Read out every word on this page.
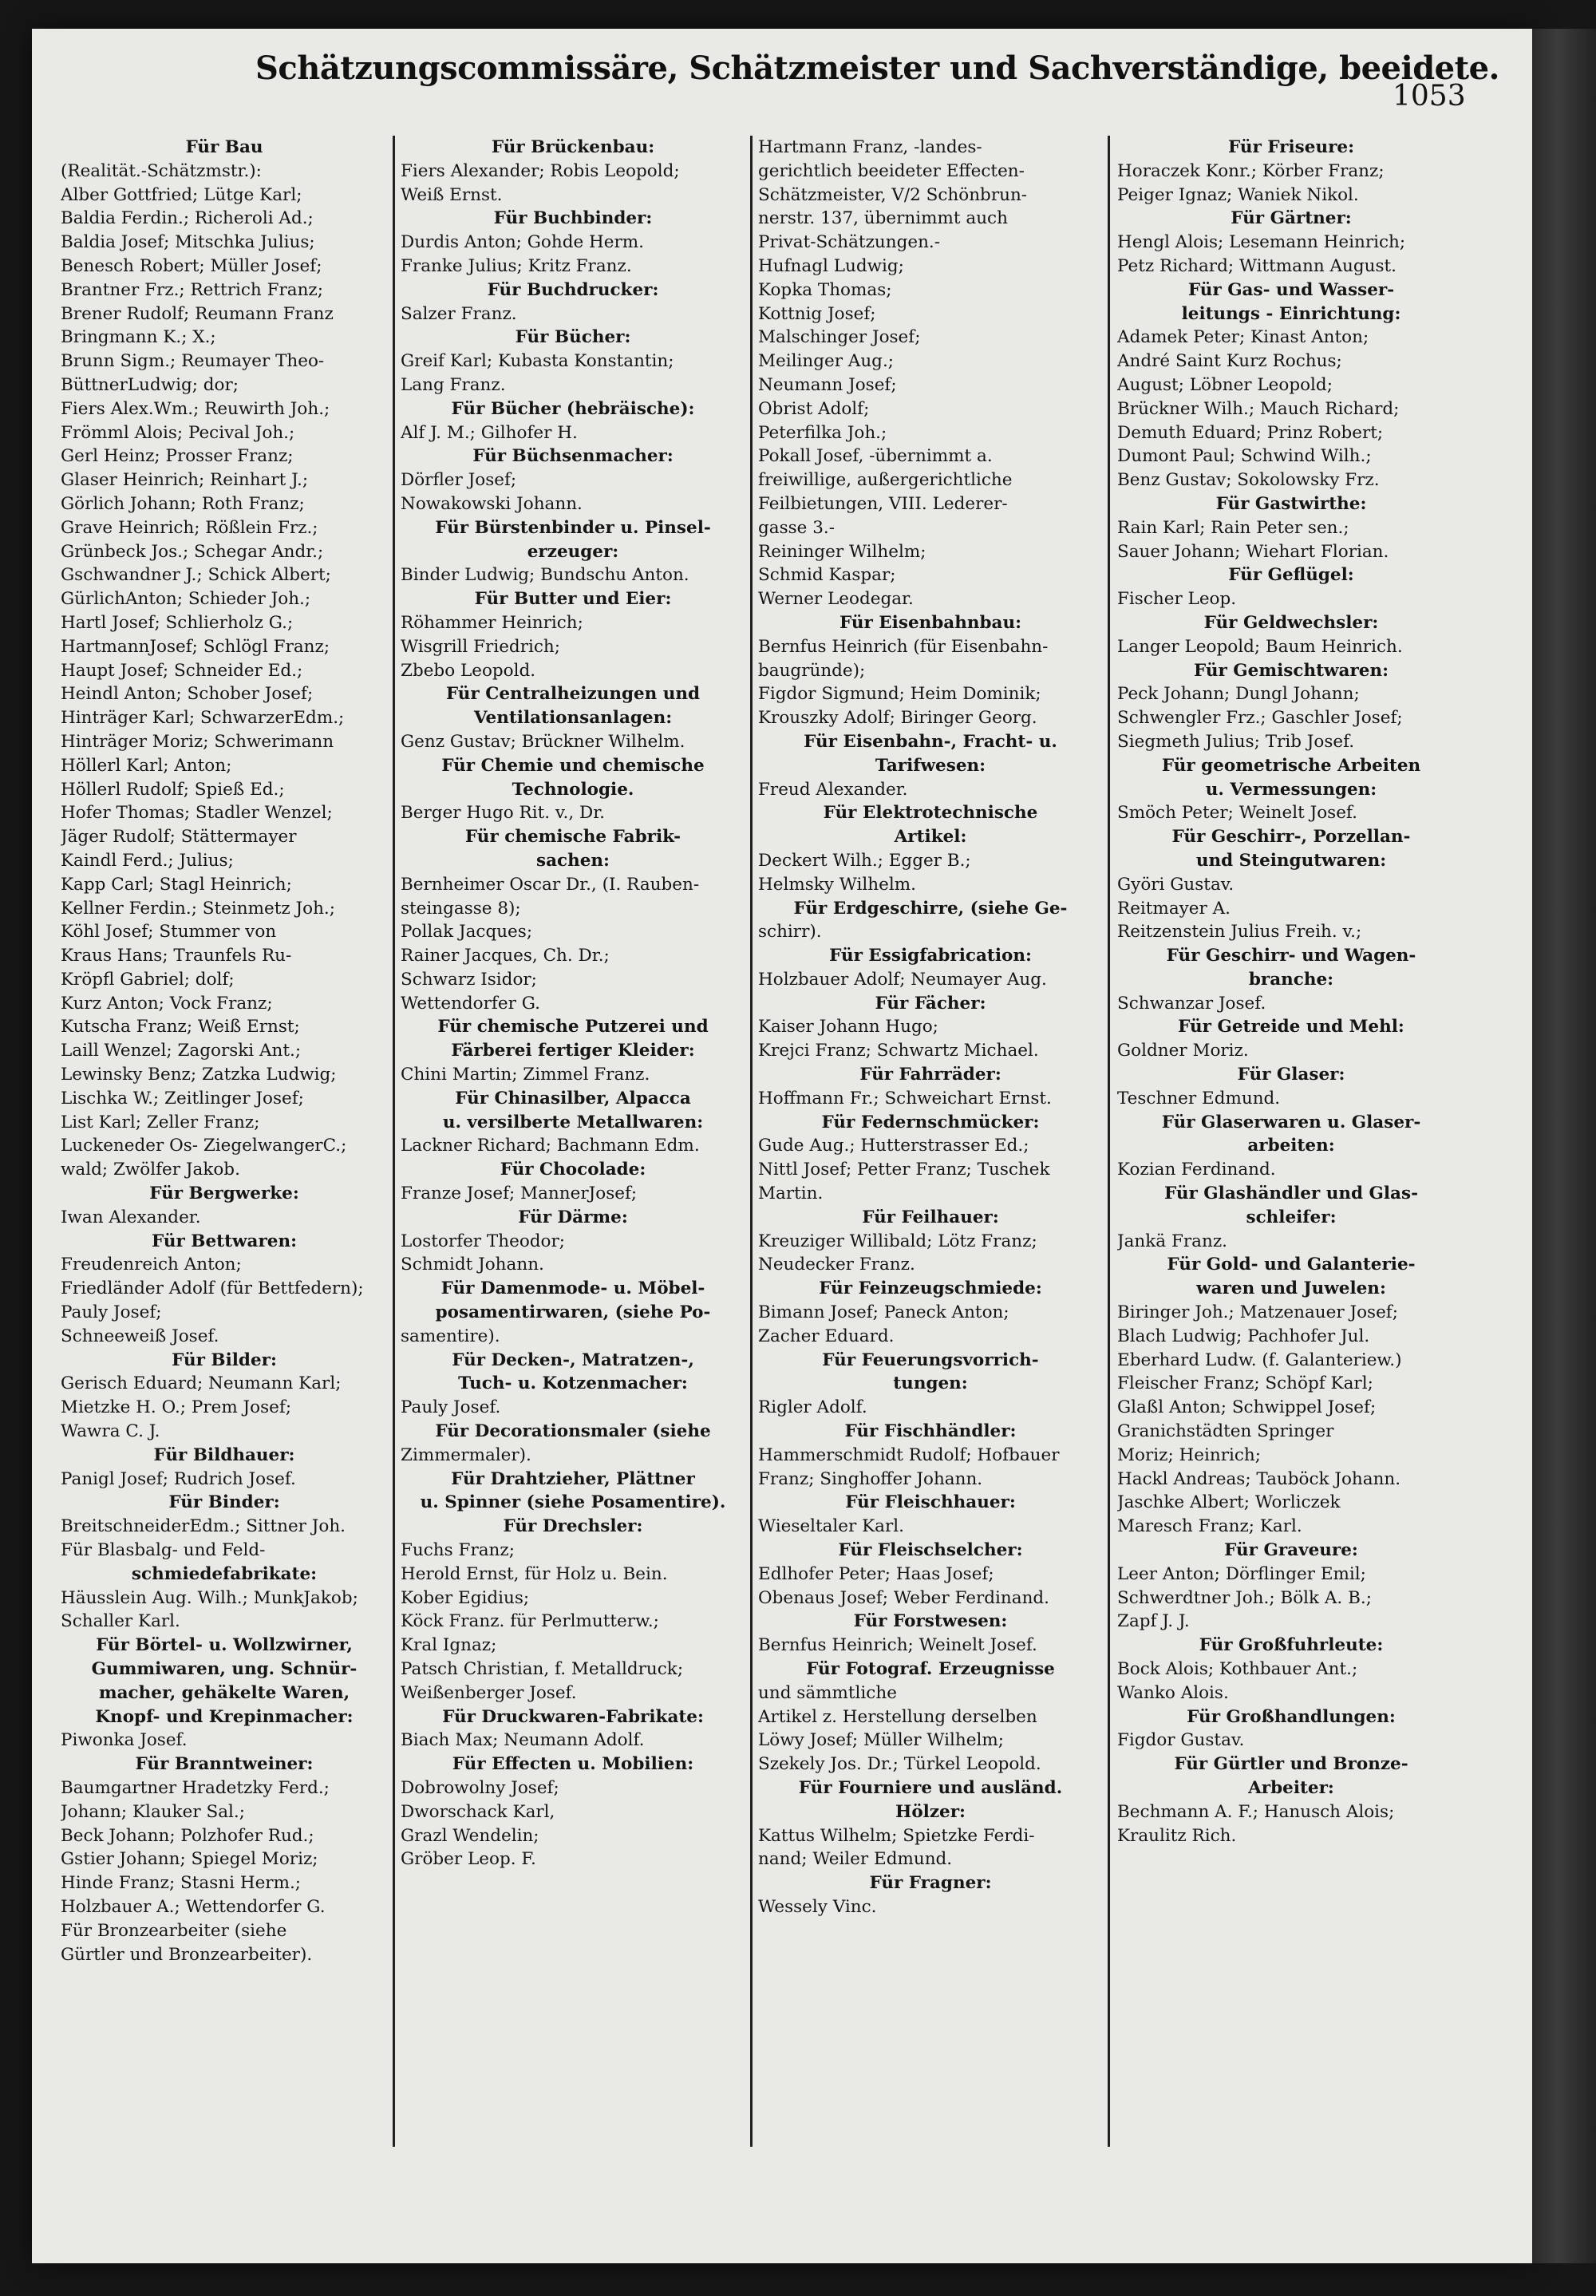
Schätzungscommissäre, Schätzmeister und Sachverständige, beeidete.
1053
Für Bau
(Realität.-Schätzmstr.):
Alber Gottfried; Lütge Karl;
Baldia Ferdin.; Richeroli Ad.;
Baldia Josef; Mitschka Julius;
Benesch Robert; Müller Josef;
Brantner Frz.; Rettrich Franz;
Brener Rudolf; Reumann Franz
Bringmann K.; X.;
Brunn Sigm.; Reumayer Theo-
BüttnerLudwig; dor;
Fiers Alex.Wm.; Reuwirth Joh.;
Frömml Alois; Pecival Joh.;
Gerl Heinz; Prosser Franz;
Glaser Heinrich; Reinhart J.;
Görlich Johann; Roth Franz;
Grave Heinrich; Rößlein Frz.;
Grünbeck Jos.; Schegar Andr.;
Gschwandner J.; Schick Albert;
GürlichAnton; Schieder Joh.;
Hartl Josef; Schlierholz G.;
HartmannJosef; Schlögl Franz;
Haupt Josef; Schneider Ed.;
Heindl Anton; Schober Josef;
Hinträger Karl; SchwarzerEdm.;
Hinträger Moriz; Schwerimann
Höllerl Karl; Anton;
Höllerl Rudolf; Spieß Ed.;
Hofer Thomas; Stadler Wenzel;
Jäger Rudolf; Stättermayer
Kaindl Ferd.; Julius;
Kapp Carl; Stagl Heinrich;
Kellner Ferdin.; Steinmetz Joh.;
Köhl Josef; Stummer von
Kraus Hans; Traunfels Ru-
Kröpfl Gabriel; dolf;
Kurz Anton; Vock Franz;
Kutscha Franz; Weiß Ernst;
Laill Wenzel; Zagorski Ant.;
Lewinsky Benz; Zatzka Ludwig;
Lischka W.; Zeitlinger Josef;
List Karl; Zeller Franz;
Luckeneder Os- ZiegelwangerC.;
wald; Zwölfer Jakob.
Für Bergwerke:
Iwan Alexander.
Für Bettwaren:
Freudenreich Anton;
Friedländer Adolf (für Bettfedern);
Pauly Josef;
Schneeweiß Josef.
Für Bilder:
Gerisch Eduard; Neumann Karl;
Mietzke H. O.; Prem Josef;
Wawra C. J.
Für Bildhauer:
Panigl Josef; Rudrich Josef.
Für Binder:
BreitschneiderEdm.; Sittner Joh.
Für Blasbalg- und Feld-
schmiedefabrikate:
Häusslein Aug. Wilh.; MunkJakob;
Schaller Karl.
Für Börtel- u. Wollzwirner,
Gummiwaren, ung. Schnür-
macher, gehäkelte Waren,
Knopf- und Krepinmacher:
Piwonka Josef.
Für Branntweiner:
Baumgartner Hradetzky Ferd.;
Johann; Klauker Sal.;
Beck Johann; Polzhofer Rud.;
Gstier Johann; Spiegel Moriz;
Hinde Franz; Stasni Herm.;
Holzbauer A.; Wettendorfer G.
Für Bronzearbeiter (siehe
Gürtler und Bronzearbeiter).
Für Brückenbau:
Fiers Alexander; Robis Leopold;
Weiß Ernst.
Für Buchbinder:
Durdis Anton; Gohde Herm.
Franke Julius; Kritz Franz.
Für Buchdrucker:
Salzer Franz.
Für Bücher:
Greif Karl; Kubasta Konstantin;
Lang Franz.
Für Bücher (hebräische):
Alf J. M.; Gilhofer H.
Für Büchsenmacher:
Dörfler Josef;
Nowakowski Johann.
Für Bürstenbinder u. Pinsel-
erzeuger:
Binder Ludwig; Bundschu Anton.
Für Butter und Eier:
Röhammer Heinrich;
Wisgrill Friedrich;
Zbebo Leopold.
Für Centralheizungen und
Ventilationsanlagen:
Genz Gustav; Brückner Wilhelm.
Für Chemie und chemische
Technologie.
Berger Hugo Rit. v., Dr.
Für chemische Fabrik-
sachen:
Bernheimer Oscar Dr., (I. Rauben-
steingasse 8);
Pollak Jacques;
Rainer Jacques, Ch. Dr.;
Schwarz Isidor;
Wettendorfer G.
Für chemische Putzerei und
Färberei fertiger Kleider:
Chini Martin; Zimmel Franz.
Für Chinasilber, Alpacca
u. versilberte Metallwaren:
Lackner Richard; Bachmann Edm.
Für Chocolade:
Franze Josef; MannerJosef;
Für Därme:
Lostorfer Theodor;
Schmidt Johann.
Für Damenmode- u. Möbel-
posamentirwaren, (siehe Po-
samentire).
Für Decken-, Matratzen-,
Tuch- u. Kotzenmacher:
Pauly Josef.
Für Decorationsmaler (siehe
Zimmermaler).
Für Drahtzieher, Plättner
u. Spinner (siehe Posamentire).
Für Drechsler:
Fuchs Franz;
Herold Ernst, für Holz u. Bein.
Kober Egidius;
Köck Franz. für Perlmutterw.;
Kral Ignaz;
Patsch Christian, f. Metalldruck;
Weißenberger Josef.
Für Druckwaren-Fabrikate:
Biach Max; Neumann Adolf.
Für Effecten u. Mobilien:
Dobrowolny Josef;
Dworschack Karl,
Grazl Wendelin;
Gröber Leop. F.
Hartmann Franz, -landes-
gerichtlich beeideter Effecten-
Schätzmeister, V/2 Schönbrun-
nerstr. 137, übernimmt auch
Privat-Schätzungen.-
Hufnagl Ludwig;
Kopka Thomas;
Kottnig Josef;
Malschinger Josef;
Meilinger Aug.;
Neumann Josef;
Obrist Adolf;
Peterfilka Joh.;
Pokall Josef, -übernimmt a.
freiwillige, außergerichtliche
Feilbietungen, VIII. Lederer-
gasse 3.-
Reininger Wilhelm;
Schmid Kaspar;
Werner Leodegar.
Für Eisenbahnbau:
Bernfus Heinrich (für Eisenbahn-
baugründe);
Figdor Sigmund; Heim Dominik;
Krouszky Adolf; Biringer Georg.
Für Eisenbahn-, Fracht- u.
Tarifwesen:
Freud Alexander.
Für Elektrotechnische
Artikel:
Deckert Wilh.; Egger B.;
Helmsky Wilhelm.
Für Erdgeschirre, (siehe Ge-
schirr).
Für Essigfabrication:
Holzbauer Adolf; Neumayer Aug.
Für Fächer:
Kaiser Johann Hugo;
Krejci Franz; Schwartz Michael.
Für Fahrräder:
Hoffmann Fr.; Schweichart Ernst.
Für Federnschmücker:
Gude Aug.; Hutterstrasser Ed.;
Nittl Josef; Petter Franz; Tuschek
Martin.
Für Feilhauer:
Kreuziger Willibald; Lötz Franz;
Neudecker Franz.
Für Feinzeugschmiede:
Bimann Josef; Paneck Anton;
Zacher Eduard.
Für Feuerungsvorrich-
tungen:
Rigler Adolf.
Für Fischhändler:
Hammerschmidt Rudolf; Hofbauer
Franz; Singhoffer Johann.
Für Fleischhauer:
Wieseltaler Karl.
Für Fleischselcher:
Edlhofer Peter; Haas Josef;
Obenaus Josef; Weber Ferdinand.
Für Forstwesen:
Bernfus Heinrich; Weinelt Josef.
Für Fotograf. Erzeugnisse
und sämmtliche
Artikel z. Herstellung derselben
Löwy Josef; Müller Wilhelm;
Szekely Jos. Dr.; Türkel Leopold.
Für Fourniere und ausländ.
Hölzer:
Kattus Wilhelm; Spietzke Ferdi-
nand; Weiler Edmund.
Für Fragner:
Wessely Vinc.
Für Friseure:
Horaczek Konr.; Körber Franz;
Peiger Ignaz; Waniek Nikol.
Für Gärtner:
Hengl Alois; Lesemann Heinrich;
Petz Richard; Wittmann August.
Für Gas- und Wasser-
leitungs - Einrichtung:
Adamek Peter; Kinast Anton;
André Saint Kurz Rochus;
August; Löbner Leopold;
Brückner Wilh.; Mauch Richard;
Demuth Eduard; Prinz Robert;
Dumont Paul; Schwind Wilh.;
Benz Gustav; Sokolowsky Frz.
Für Gastwirthe:
Rain Karl; Rain Peter sen.;
Sauer Johann; Wiehart Florian.
Für Geflügel:
Fischer Leop.
Für Geldwechsler:
Langer Leopold; Baum Heinrich.
Für Gemischtwaren:
Peck Johann; Dungl Johann;
Schwengler Frz.; Gaschler Josef;
Siegmeth Julius; Trib Josef.
Für geometrische Arbeiten
u. Vermessungen:
Smöch Peter; Weinelt Josef.
Für Geschirr-, Porzellan-
und Steingutwaren:
Györi Gustav.
Reitmayer A.
Reitzenstein Julius Freih. v.;
Für Geschirr- und Wagen-
branche:
Schwanzar Josef.
Für Getreide und Mehl:
Goldner Moriz.
Für Glaser:
Teschner Edmund.
Für Glaserwaren u. Glaser-
arbeiten:
Kozian Ferdinand.
Für Glashändler und Glas-
schleifer:
Jankä Franz.
Für Gold- und Galanterie-
waren und Juwelen:
Biringer Joh.; Matzenauer Josef;
Blach Ludwig; Pachhofer Jul.
Eberhard Ludw. (f. Galanteriew.)
Fleischer Franz; Schöpf Karl;
Glaßl Anton; Schwippel Josef;
Granichstädten Springer
Moriz; Heinrich;
Hackl Andreas; Tauböck Johann.
Jaschke Albert; Worliczek
Maresch Franz; Karl.
Für Graveure:
Leer Anton; Dörflinger Emil;
Schwerdtner Joh.; Bölk A. B.;
Zapf J. J.
Für Großfuhrleute:
Bock Alois; Kothbauer Ant.;
Wanko Alois.
Für Großhandlungen:
Figdor Gustav.
Für Gürtler und Bronze-
Arbeiter:
Bechmann A. F.; Hanusch Alois;
Kraulitz Rich.
